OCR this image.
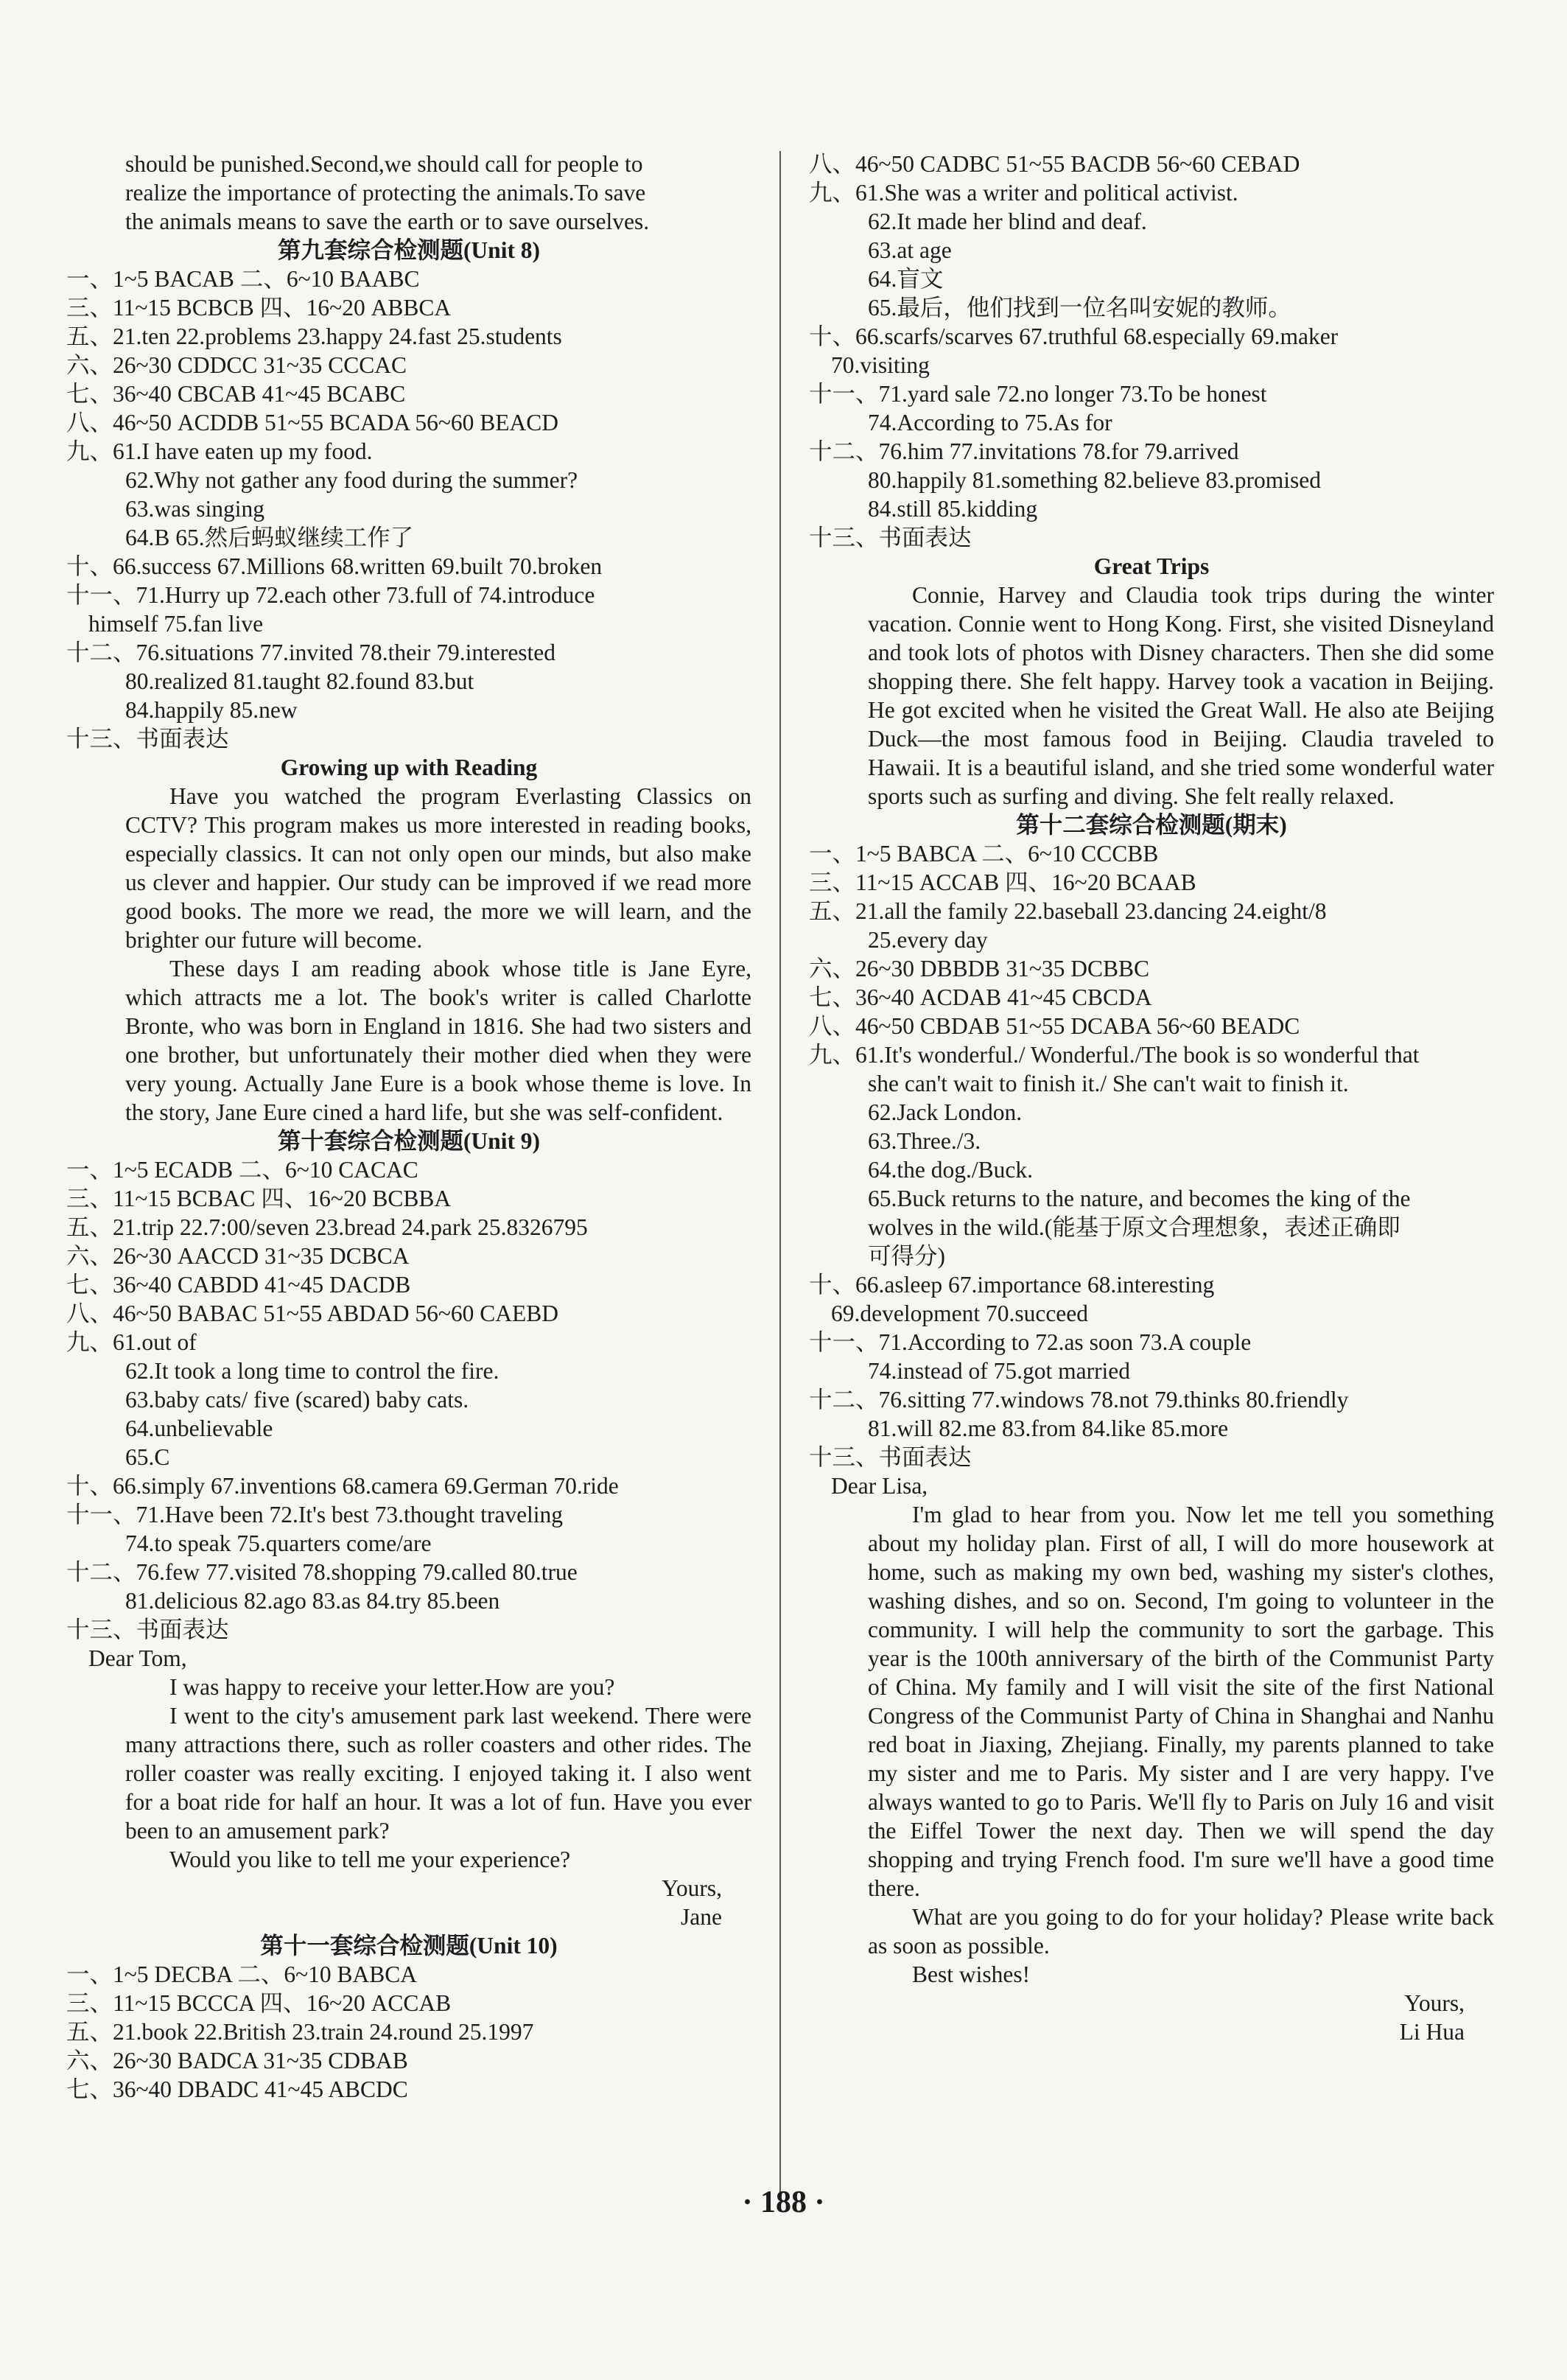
should be punished.Second,we should call for people to
realize the importance of protecting the animals.To save
the animals means to save the earth or to save ourselves.
第九套综合检测题(Unit 8)
一、1~5 BACAB 二、6~10 BAABC
三、11~15 BCBCB 四、16~20 ABBCA
五、21.ten 22.problems 23.happy 24.fast 25.students
六、26~30 CDDCC 31~35 CCCAC
七、36~40 CBCAB 41~45 BCABC
八、46~50 ACDDB 51~55 BCADA 56~60 BEACD
九、61.I have eaten up my food.
62.Why not gather any food during the summer?
63.was singing
64.B 65.然后蚂蚁继续工作了
十、66.success 67.Millions 68.written 69.built 70.broken
十一、71.Hurry up 72.each other 73.full of 74.introduce
himself 75.fan live
十二、76.situations 77.invited 78.their 79.interested
80.realized 81.taught 82.found 83.but
84.happily 85.new
十三、书面表达
Growing up with Reading
Have you watched the program Everlasting Classics on CCTV? This program makes us more interested in reading books, especially classics. It can not only open our minds, but also make us clever and happier. Our study can be improved if we read more good books. The more we read, the more we will learn, and the brighter our future will become.
These days I am reading abook whose title is Jane Eyre, which attracts me a lot. The book's writer is called Charlotte Bronte, who was born in England in 1816. She had two sisters and one brother, but unfortunately their mother died when they were very young. Actually Jane Eure is a book whose theme is love. In the story, Jane Eure cined a hard life, but she was self-confident.
第十套综合检测题(Unit 9)
一、1~5 ECADB 二、6~10 CACAC
三、11~15 BCBAC 四、16~20 BCBBA
五、21.trip 22.7:00/seven 23.bread 24.park 25.8326795
六、26~30 AACCD 31~35 DCBCA
七、36~40 CABDD 41~45 DACDB
八、46~50 BABAC 51~55 ABDAD 56~60 CAEBD
九、61.out of
62.It took a long time to control the fire.
63.baby cats/ five (scared) baby cats.
64.unbelievable
65.C
十、66.simply 67.inventions 68.camera 69.German 70.ride
十一、71.Have been 72.It's best 73.thought traveling
74.to speak 75.quarters come/are
十二、76.few 77.visited 78.shopping 79.called 80.true
81.delicious 82.ago 83.as 84.try 85.been
十三、书面表达
Dear Tom,
I was happy to receive your letter.How are you?
I went to the city's amusement park last weekend. There were many attractions there, such as roller coasters and other rides. The roller coaster was really exciting. I enjoyed taking it. I also went for a boat ride for half an hour. It was a lot of fun. Have you ever been to an amusement park?
Would you like to tell me your experience?
Yours,
Jane
第十一套综合检测题(Unit 10)
一、1~5 DECBA 二、6~10 BABCA
三、11~15 BCCCA 四、16~20 ACCAB
五、21.book 22.British 23.train 24.round 25.1997
六、26~30 BADCA 31~35 CDBAB
七、36~40 DBADC 41~45 ABCDC
八、46~50 CADBC 51~55 BACDB 56~60 CEBAD
九、61.She was a writer and political activist.
62.It made her blind and deaf.
63.at age
64.盲文
65.最后，他们找到一位名叫安妮的教师。
十、66.scarfs/scarves 67.truthful 68.especially 69.maker
70.visiting
十一、71.yard sale 72.no longer 73.To be honest
74.According to 75.As for
十二、76.him 77.invitations 78.for 79.arrived
80.happily 81.something 82.believe 83.promised
84.still 85.kidding
十三、书面表达
Great Trips
Connie, Harvey and Claudia took trips during the winter vacation. Connie went to Hong Kong. First, she visited Disneyland and took lots of photos with Disney characters. Then she did some shopping there. She felt happy. Harvey took a vacation in Beijing. He got excited when he visited the Great Wall. He also ate Beijing Duck—the most famous food in Beijing. Claudia traveled to Hawaii. It is a beautiful island, and she tried some wonderful water sports such as surfing and diving. She felt really relaxed.
第十二套综合检测题(期末)
一、1~5 BABCA 二、6~10 CCCBB
三、11~15 ACCAB 四、16~20 BCAAB
五、21.all the family 22.baseball 23.dancing 24.eight/8
25.every day
六、26~30 DBBDB 31~35 DCBBC
七、36~40 ACDAB 41~45 CBCDA
八、46~50 CBDAB 51~55 DCABA 56~60 BEADC
九、61.It's wonderful./ Wonderful./The book is so wonderful that
she can't wait to finish it./ She can't wait to finish it.
62.Jack London.
63.Three./3.
64.the dog./Buck.
65.Buck returns to the nature, and becomes the king of the
wolves in the wild.(能基于原文合理想象，表述正确即
可得分)
十、66.asleep 67.importance 68.interesting
69.development 70.succeed
十一、71.According to 72.as soon 73.A couple
74.instead of 75.got married
十二、76.sitting 77.windows 78.not 79.thinks 80.friendly
81.will 82.me 83.from 84.like 85.more
十三、书面表达
Dear Lisa,
I'm glad to hear from you. Now let me tell you something about my holiday plan. First of all, I will do more housework at home, such as making my own bed, washing my sister's clothes, washing dishes, and so on. Second, I'm going to volunteer in the community. I will help the community to sort the garbage. This year is the 100th anniversary of the birth of the Communist Party of China. My family and I will visit the site of the first National Congress of the Communist Party of China in Shanghai and Nanhu red boat in Jiaxing, Zhejiang. Finally, my parents planned to take my sister and me to Paris. My sister and I are very happy. I've always wanted to go to Paris. We'll fly to Paris on July 16 and visit the Eiffel Tower the next day. Then we will spend the day shopping and trying French food. I'm sure we'll have a good time there.
What are you going to do for your holiday? Please write back as soon as possible.
Best wishes!
Yours,
Li Hua
· 188 ·
